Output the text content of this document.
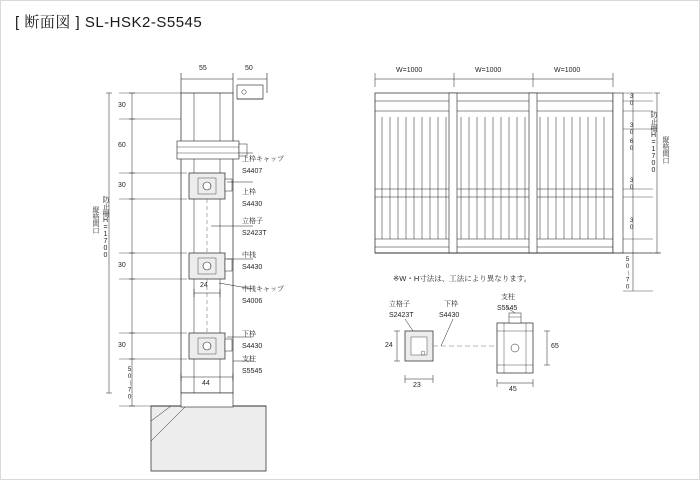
[ 断面図 ] SL-HSK2-S5545
55	50
30
60
30
30
30
50～70
防止柵H=1700
縦格間口
24
44
上枠キャップ
S4407
上枠
S4430
立格子
S2423T
中桟
S4430
中桟キャップ
S4006
下枠
S4430
支柱
S5545
W=1000	W=1000	W=1000
30
30
60
30
30
50～70
防止柵H=1700 縦格間口
※W・H寸法は、工法により異なります。
立格子
S2423T
下枠
S4430
支柱
S5545
24
23
45
65
